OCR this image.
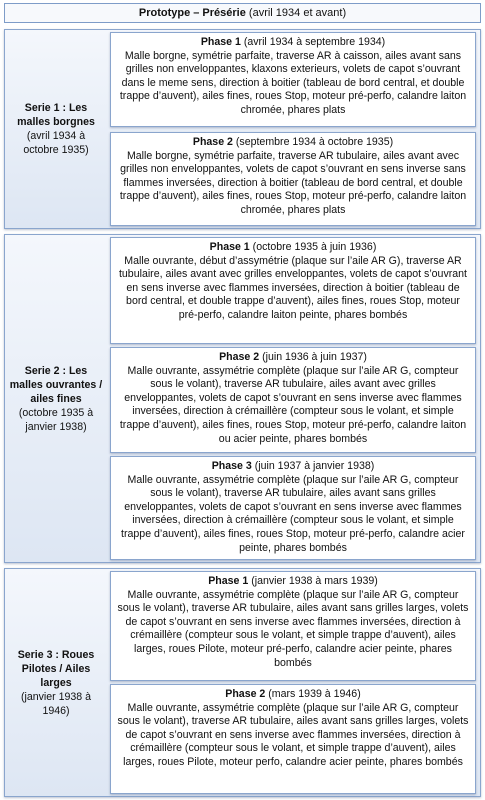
Prototype – Présérie (avril 1934 et avant)
Serie 1 : Les malles borgnes
(avril 1934 à octobre 1935)
Phase 1 (avril 1934 à septembre 1934)
Malle borgne, symétrie parfaite, traverse AR à caisson, ailes avant sans grilles non enveloppantes, klaxons exterieurs, volets de capot s’ouvrant dans le meme sens, direction à boitier (tableau de bord central, et double trappe d’auvent), ailes fines, roues Stop, moteur pré-perfo, calandre laiton chromée, phares plats
Phase 2 (septembre 1934 à octobre 1935)
Malle borgne, symétrie parfaite, traverse AR tubulaire, ailes avant avec grilles non enveloppantes, volets de capot s’ouvrant en sens inverse sans flammes inversées, direction à boitier (tableau de bord central, et double trappe d’auvent), ailes fines, roues Stop, moteur pré-perfo, calandre laiton chromée, phares plats
Serie 2 : Les malles ouvrantes / ailes fines
(octobre 1935 à janvier 1938)
Phase 1 (octobre 1935 à juin 1936)
Malle ouvrante, début d’assymétrie (plaque sur l’aile AR G), traverse AR tubulaire, ailes avant avec grilles enveloppantes, volets de capot s’ouvrant en sens inverse avec flammes inversées, direction à boitier (tableau de bord central, et double trappe d’auvent), ailes fines, roues Stop, moteur pré-perfo, calandre laiton peinte, phares bombés
Phase 2 (juin 1936 à juin 1937)
Malle ouvrante, assymétrie complète (plaque sur l’aile AR G, compteur sous le volant), traverse AR tubulaire, ailes avant avec grilles enveloppantes, volets de capot s’ouvrant en sens inverse avec flammes inversées, direction à crémaillère (compteur sous le volant, et simple trappe d’auvent), ailes fines, roues Stop, moteur pré-perfo, calandre laiton ou acier peinte, phares bombés
Phase 3 (juin 1937 à janvier 1938)
Malle ouvrante, assymétrie complète (plaque sur l’aile AR G, compteur sous le volant), traverse AR tubulaire, ailes avant sans grilles enveloppantes, volets de capot s’ouvrant en sens inverse avec flammes inversées, direction à crémaillère (compteur sous le volant, et simple trappe d’auvent), ailes fines, roues Stop, moteur pré-perfo, calandre acier peinte, phares bombés
Serie 3 : Roues Pilotes / Ailes larges
(janvier 1938 à 1946)
Phase 1 (janvier 1938 à mars 1939)
Malle ouvrante, assymétrie complète (plaque sur l’aile AR G, compteur sous le volant), traverse AR tubulaire, ailes avant sans grilles larges, volets de capot s’ouvrant en sens inverse avec flammes inversées, direction à crémaillère (compteur sous le volant, et simple trappe d’auvent), ailes larges, roues Pilote, moteur pré-perfo, calandre acier peinte, phares bombés
Phase 2 (mars 1939 à 1946)
Malle ouvrante, assymétrie complète (plaque sur l’aile AR G, compteur sous le volant), traverse AR tubulaire, ailes avant sans grilles larges, volets de capot s’ouvrant en sens inverse avec flammes inversées, direction à crémaillère (compteur sous le volant, et simple trappe d’auvent), ailes larges, roues Pilote, moteur perfo, calandre acier peinte, phares bombés
